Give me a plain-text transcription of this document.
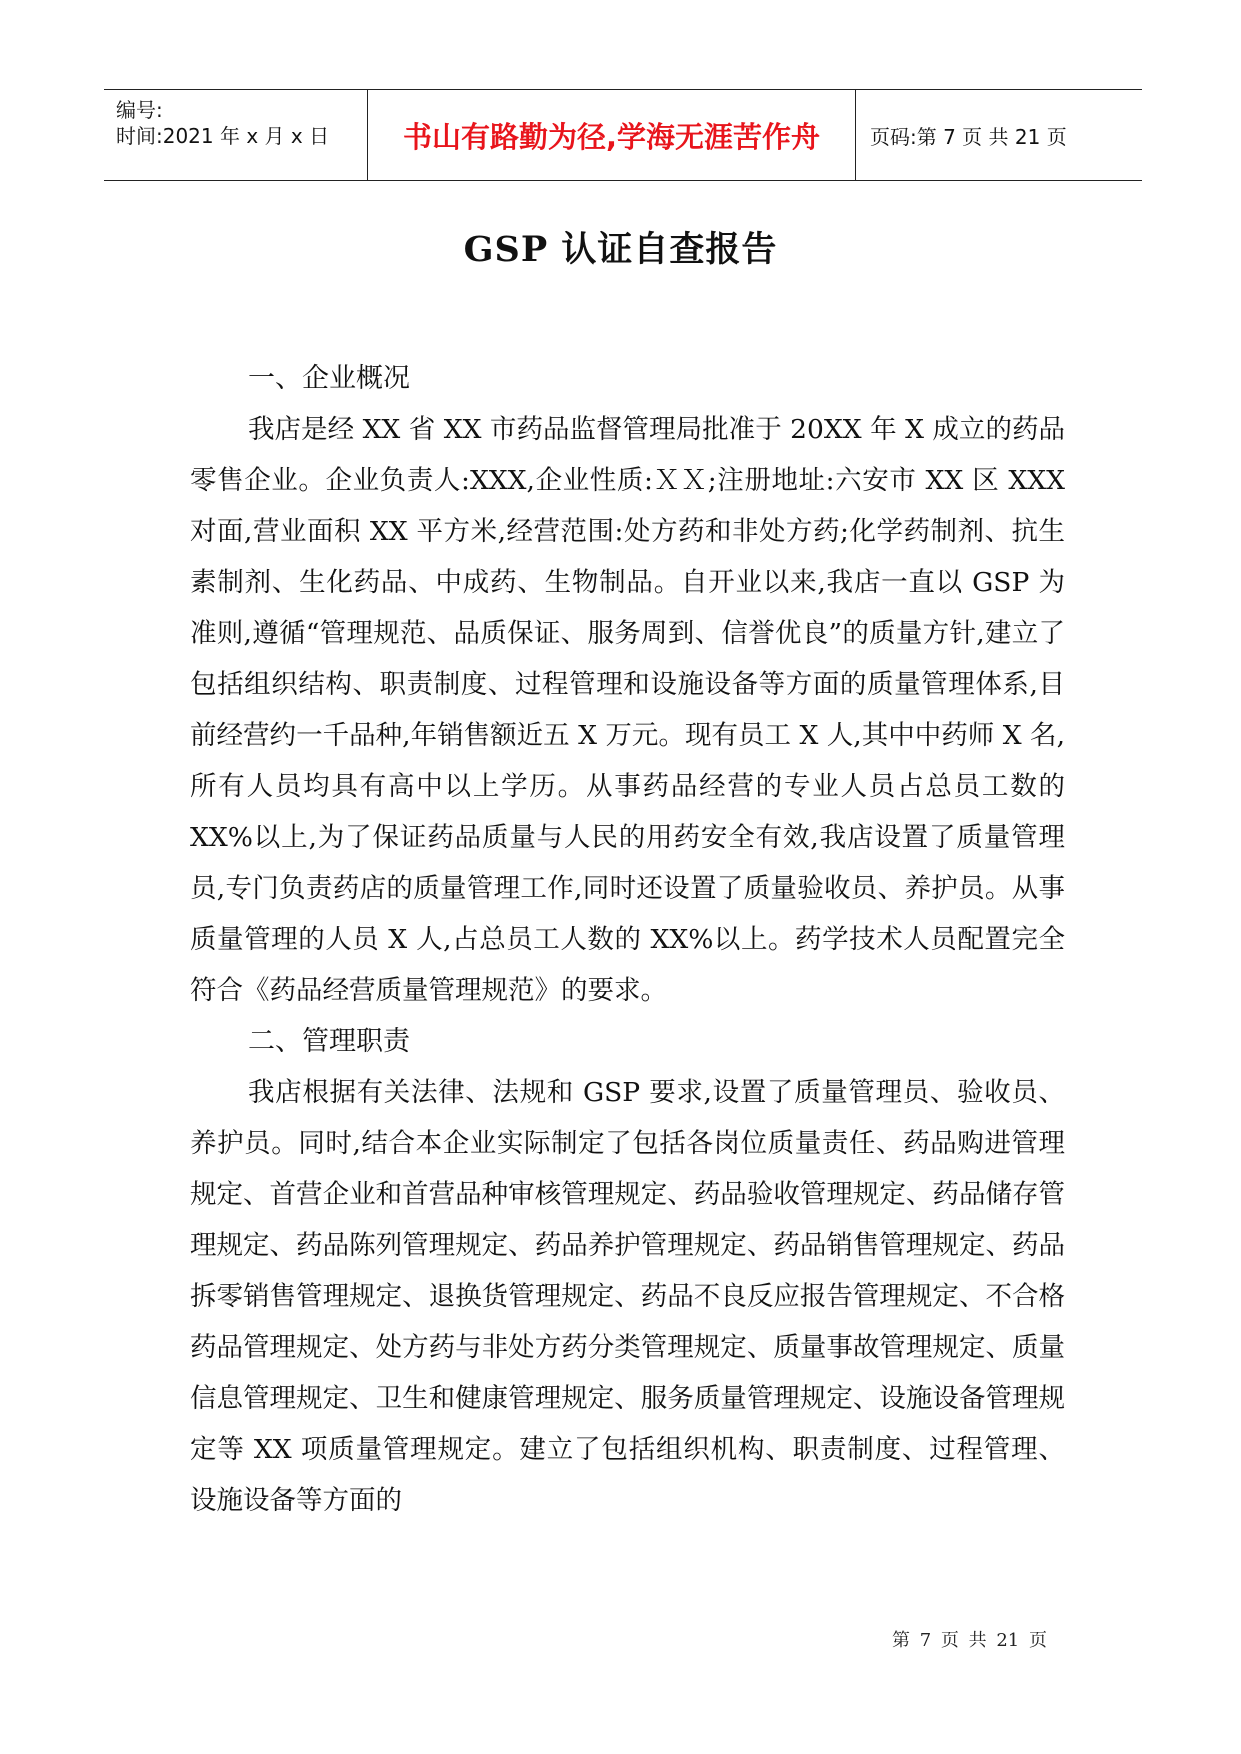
编号:
时间:2021 年 x 月 x 日	书山有路勤为径,学海无涯苦作舟	页码:第 7 页 共 21 页
GSP 认证自查报告
一、企业概况

我店是经 XX 省 XX 市药品监督管理局批准于 20XX 年 X 成立的药品零售企业。企业负责人:XXX,企业性质:ＸＸ;注册地址:六安市 XX 区 XXX 对面,营业面积 XX 平方米,经营范围:处方药和非处方药;化学药制剂、抗生素制剂、生化药品、中成药、生物制品。自开业以来,我店一直以 GSP 为准则,遵循“管理规范、品质保证、服务周到、信誉优良”的质量方针,建立了包括组织结构、职责制度、过程管理和设施设备等方面的质量管理体系,目前经营约一千品种,年销售额近五 X 万元。现有员工 X 人,其中中药师 X 名,所有人员均具有高中以上学历。从事药品经营的专业人员占总员工数的 XX%以上,为了保证药品质量与人民的用药安全有效,我店设置了质量管理员,专门负责药店的质量管理工作,同时还设置了质量验收员、养护员。从事质量管理的人员 X 人,占总员工人数的 XX%以上。药学技术人员配置完全符合《药品经营质量管理规范》的要求。

二、管理职责

我店根据有关法律、法规和 GSP 要求,设置了质量管理员、验收员、养护员。同时,结合本企业实际制定了包括各岗位质量责任、药品购进管理规定、首营企业和首营品种审核管理规定、药品验收管理规定、药品储存管理规定、药品陈列管理规定、药品养护管理规定、药品销售管理规定、药品拆零销售管理规定、退换货管理规定、药品不良反应报告管理规定、不合格药品管理规定、处方药与非处方药分类管理规定、质量事故管理规定、质量信息管理规定、卫生和健康管理规定、服务质量管理规定、设施设备管理规定等 XX 项质量管理规定。建立了包括组织机构、职责制度、过程管理、设施设备等方面的

第 7 页 共 21 页
